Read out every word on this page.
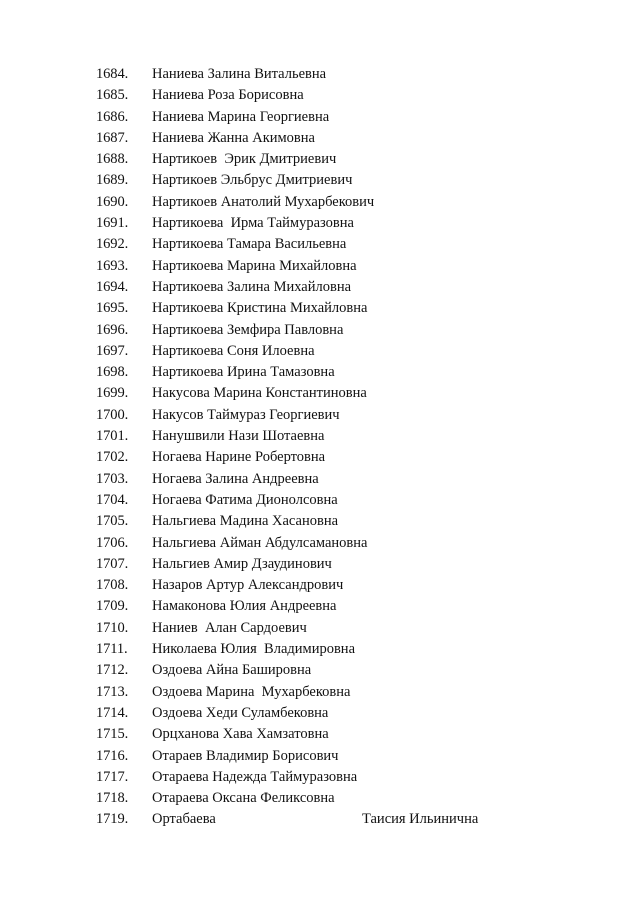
1684. Наниева Залина Витальевна
1685. Наниева Роза Борисовна
1686. Наниева Марина Георгиевна
1687. Наниева Жанна Акимовна
1688. Нартикоев  Эрик Дмитриевич
1689. Нартикоев Эльбрус Дмитриевич
1690. Нартикоев Анатолий Мухарбекович
1691. Нартикоева  Ирма Таймуразовна
1692. Нартикоева Тамара Васильевна
1693. Нартикоева Марина Михайловна
1694. Нартикоева Залина Михайловна
1695. Нартикоева Кристина Михайловна
1696. Нартикоева Земфира Павловна
1697. Нартикоева Соня Илоевна
1698. Нартикоева Ирина Тамазовна
1699. Накусова Марина Константиновна
1700. Накусов Таймураз Георгиевич
1701. Нанушвили Нази Шотаевна
1702. Ногаева Нарине Робертовна
1703. Ногаева Залина Андреевна
1704. Ногаева Фатима Дионолсовна
1705. Нальгиева Мадина Хасановна
1706. Нальгиева Айман Абдулсамановна
1707. Нальгиев Амир Дзаудинович
1708. Назаров Артур Александрович
1709. Намаконова Юлия Андреевна
1710. Наниев  Алан Сардоевич
1711. Николаева Юлия  Владимировна
1712. Оздоева Айна Башировна
1713. Оздоева Марина  Мухарбековна
1714. Оздоева Хеди Суламбековна
1715. Орцханова Хава Хамзатовна
1716. Отараев Владимир Борисович
1717. Отараева Надежда Таймуразовна
1718. Отараева Оксана Феликсовна
1719. Ортабаева	Таисия Ильинична
